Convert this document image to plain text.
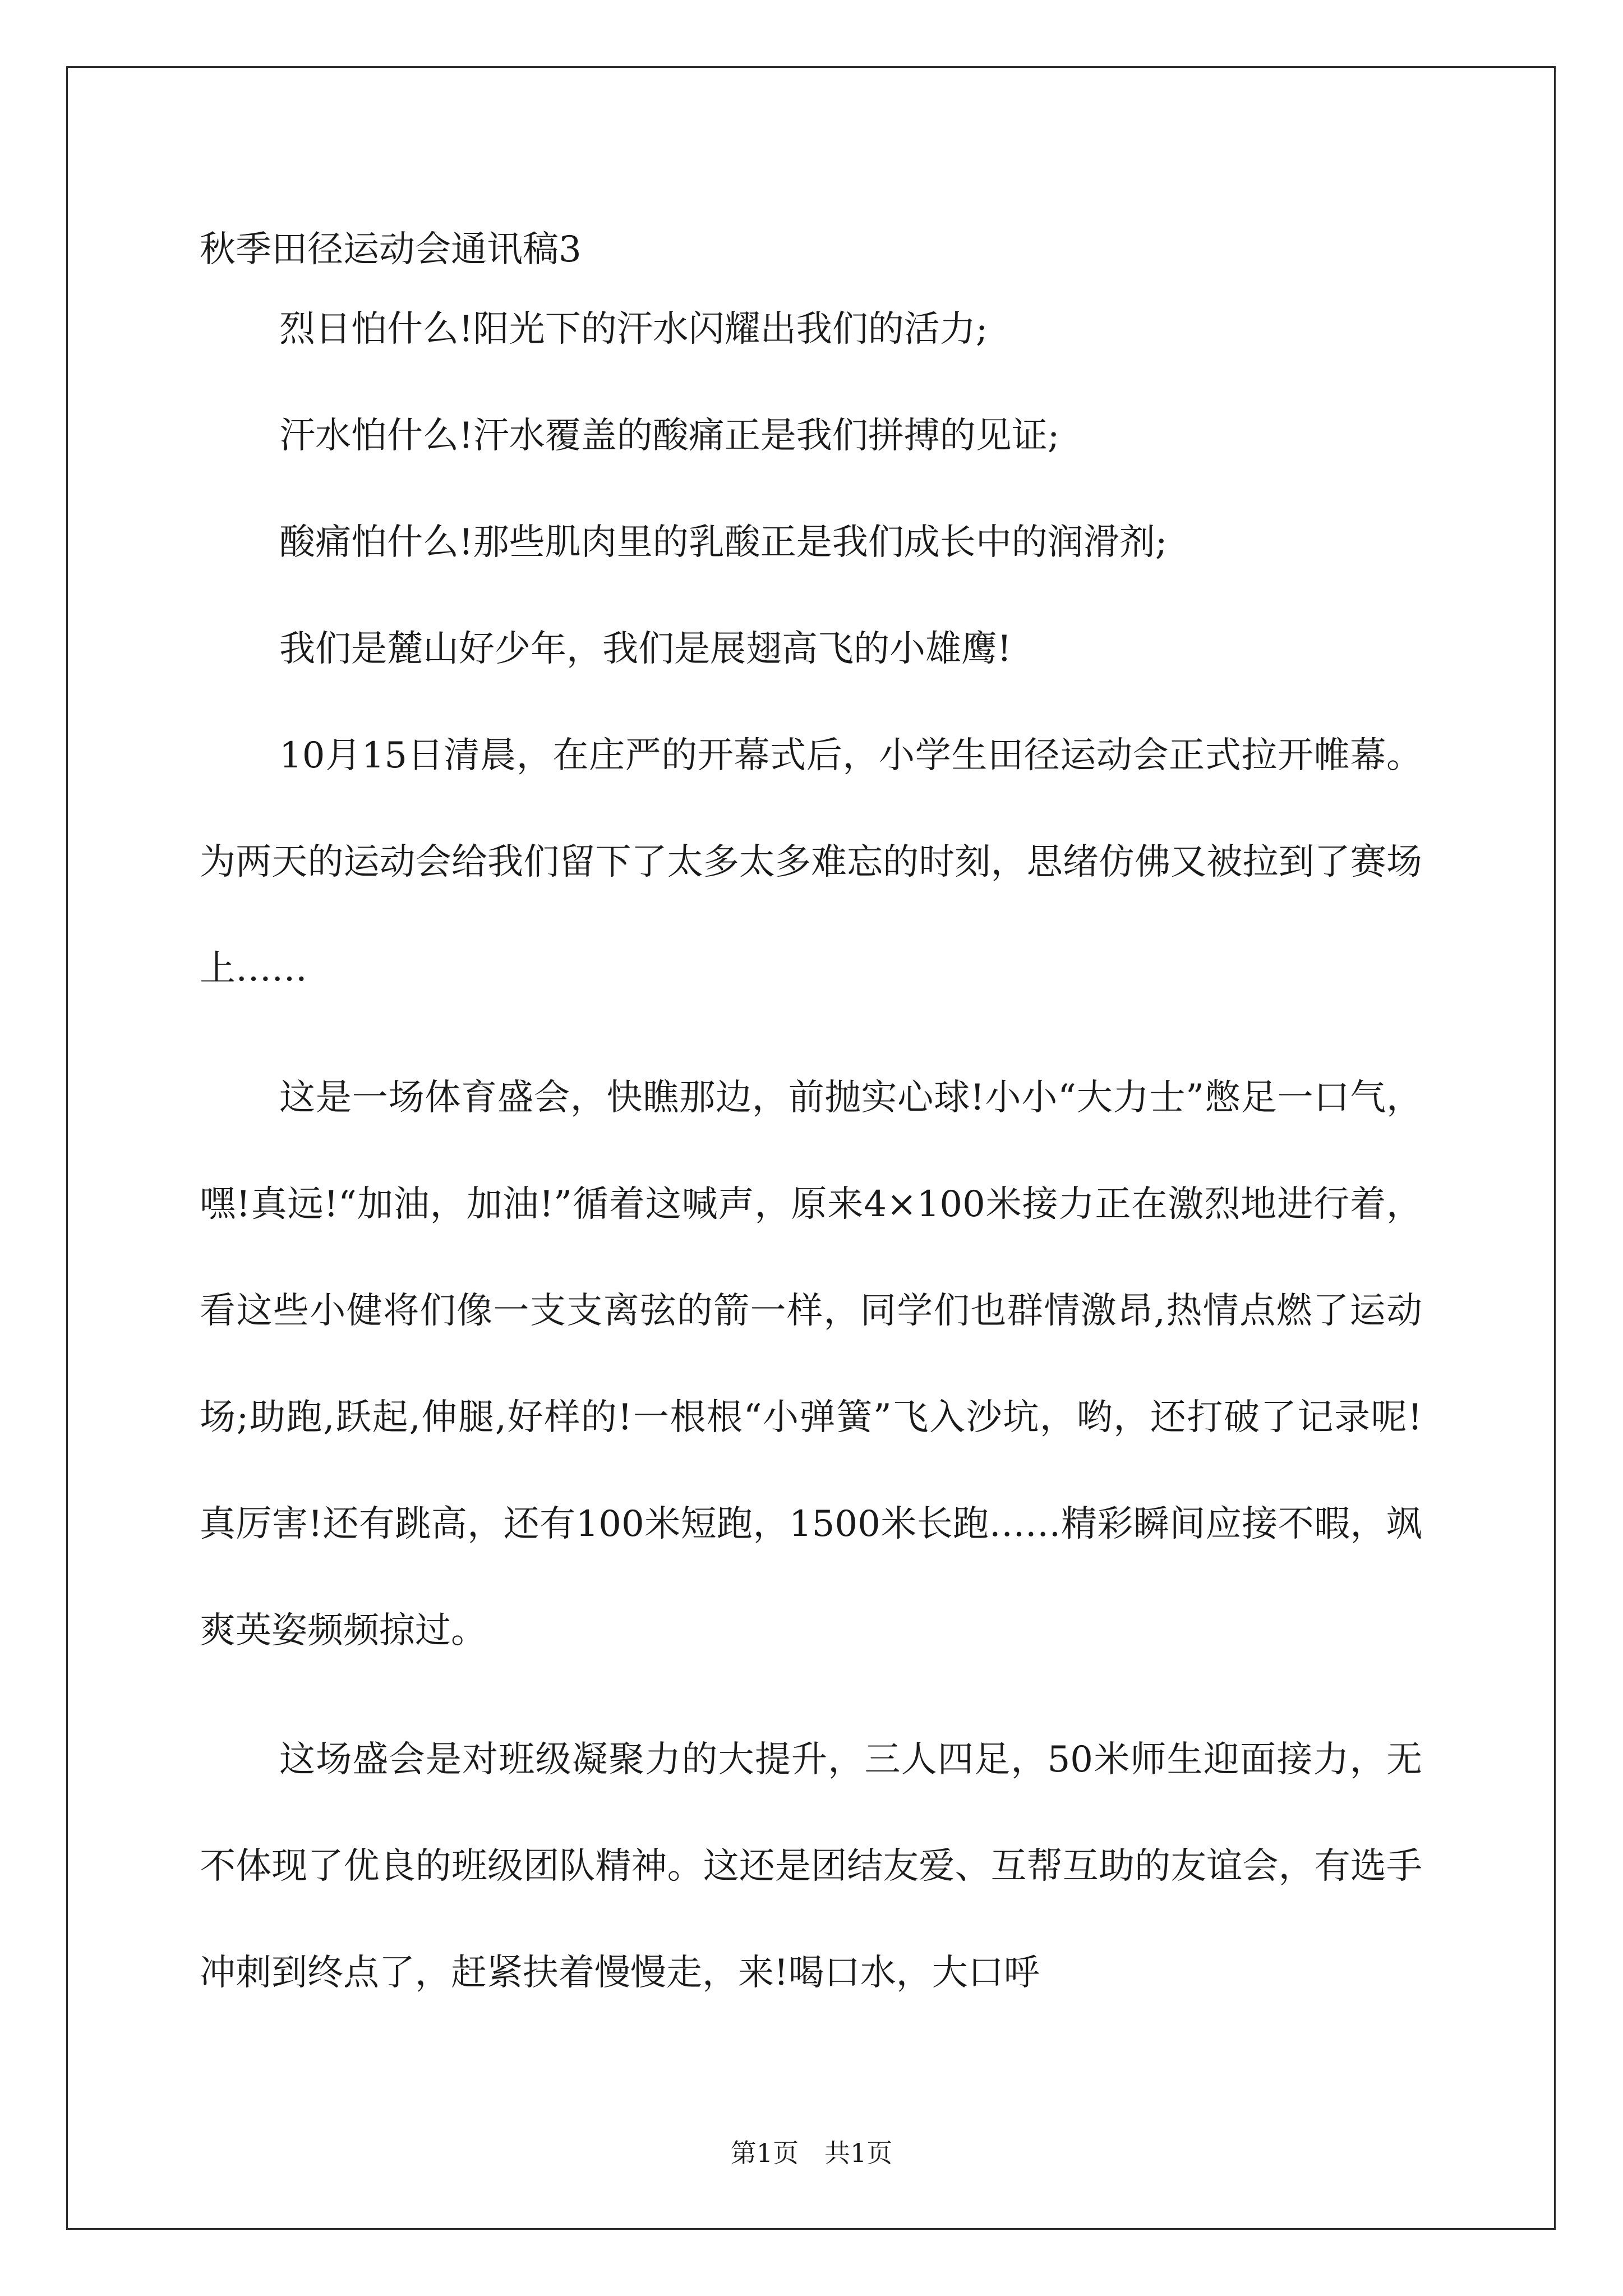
秋季田径运动会通讯稿3

烈日怕什么!阳光下的汗水闪耀出我们的活力;

汗水怕什么!汗水覆盖的酸痛正是我们拼搏的见证;

酸痛怕什么!那些肌肉里的乳酸正是我们成长中的润滑剂;

我们是麓山好少年，我们是展翅高飞的小雄鹰!

10月15日清晨，在庄严的开幕式后，小学生田径运动会正式拉开帷幕。为两天的运动会给我们留下了太多太多难忘的时刻，思绪仿佛又被拉到了赛场上……

这是一场体育盛会，快瞧那边，前抛实心球!小小“大力士”憋足一口气，嘿!真远!“加油，加油!”循着这喊声，原来4×100米接力正在激烈地进行着，看这些小健将们像一支支离弦的箭一样，同学们也群情激昂,热情点燃了运动场;助跑,跃起,伸腿,好样的!一根根“小弹簧”飞入沙坑，哟，还打破了记录呢!真厉害!还有跳高，还有100米短跑，1500米长跑……精彩瞬间应接不暇，飒爽英姿频频掠过。

这场盛会是对班级凝聚力的大提升，三人四足，50米师生迎面接力，无不体现了优良的班级团队精神。这还是团结友爱、互帮互助的友谊会，有选手冲刺到终点了，赶紧扶着慢慢走，来!喝口水，大口呼

第1页　共1页
